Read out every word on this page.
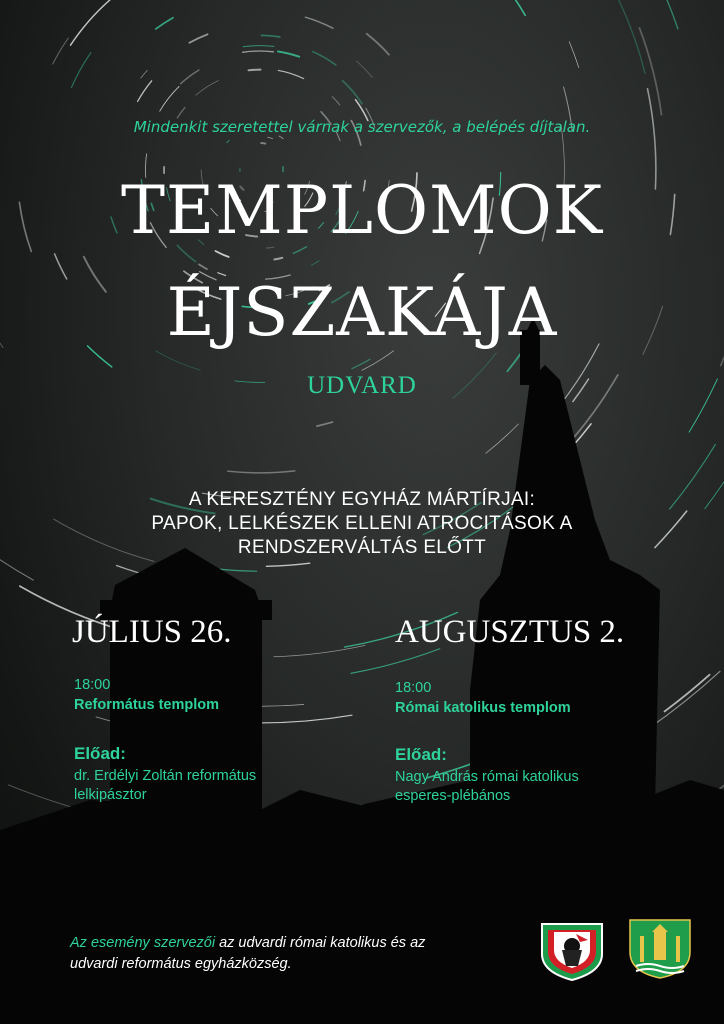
Mindenkit szeretettel várnak a szervezők, a belépés díjtalan.
TEMPLOMOK
ÉJSZAKÁJA
UDVARD
A KERESZTÉNY EGYHÁZ MÁRTÍRJAI:
PAPOK, LELKÉSZEK ELLENI ATROCITÁSOK A
RENDSZERVÁLTÁS ELŐTT
JÚLIUS 26.
18:00
Református templom
Előad:
dr. Erdélyi Zoltán református
lelkipásztor
AUGUSZTUS 2.
18:00
Római katolikus templom
Előad:
Nagy András római katolikus
esperes-plébános
Az esemény szervezői az udvardi római katolikus és az
udvardi református egyházközség.
